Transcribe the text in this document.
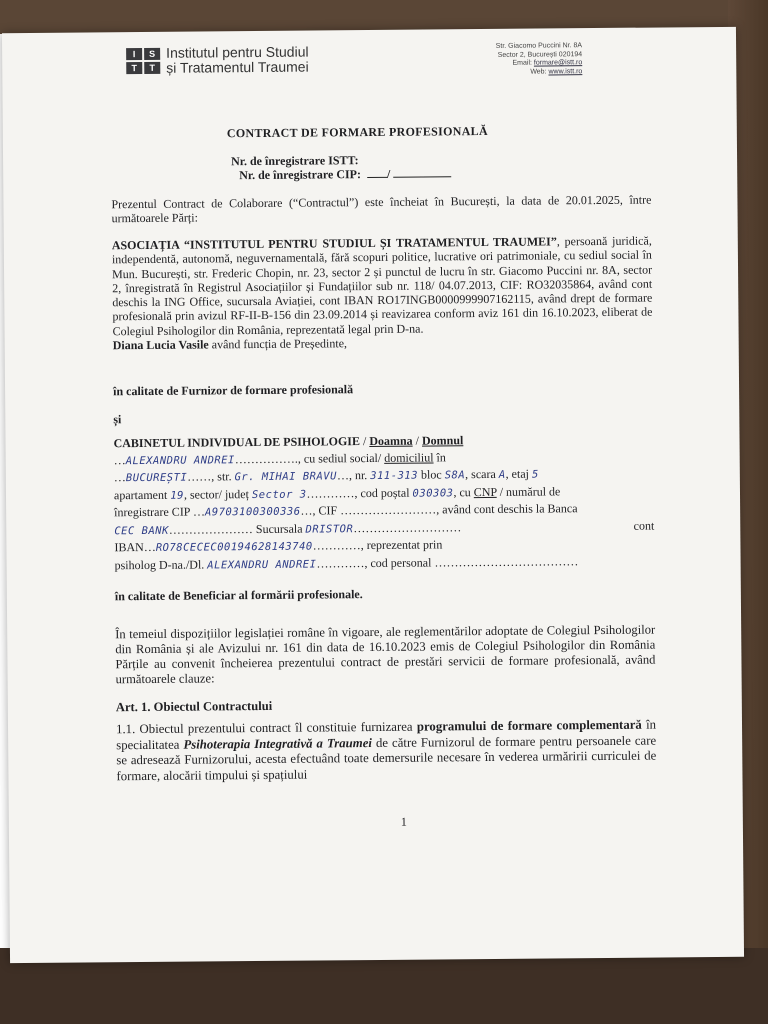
I	S
T	T
Institutul pentru Studiul
și Tratamentul Traumei
Str. Giacomo Puccini Nr. 8A
Sector 2, București 020194
Email: formare@istt.ro
Web: www.istt.ro
CONTRACT DE FORMARE PROFESIONALĂ
Nr. de înregistrare ISTT:
Nr. de înregistrare CIP: /
Prezentul Contract de Colaborare (“Contractul”) este încheiat în București, la data de 20.01.2025, între următoarele Părți:
ASOCIAȚIA “INSTITUTUL PENTRU STUDIUL ȘI TRATAMENTUL TRAUMEI”, persoană juridică, independentă, autonomă, neguvernamentală, fără scopuri politice, lucrative ori patrimoniale, cu sediul social în Mun. București, str. Frederic Chopin, nr. 23, sector 2 și punctul de lucru în str. Giacomo Puccini nr. 8A, sector 2, înregistrată în Registrul Asociațiilor și Fundațiilor sub nr. 118/ 04.07.2013, CIF: RO32035864, având cont deschis la ING Office, sucursala Aviației, cont IBAN RO17INGB0000999907162115, având drept de formare profesională prin avizul RF-II-B-156 din 23.09.2014 și reavizarea conform aviz 161 din 16.10.2023, eliberat de Colegiul Psihologilor din România, reprezentată legal prin D-na.
Diana Lucia Vasile având funcția de Președinte,
în calitate de Furnizor de formare profesională
și
CABINETUL INDIVIDUAL DE PSIHOLOGIE / Doamna / Domnul
…ALEXANDRU ANDREI……………., cu sediul social/ domiciliul în
…BUCUREȘTI……, str. Gr. MIHAI BRAVU…, nr. 311-313 bloc S8A, scara A, etaj 5
apartament 19, sector/ județ Sector 3…………, cod poștal 030303, cu CNP / numărul de
înregistrare CIP …A9703100300336…, CIF ……………………, având cont deschis la Banca
CEC BANK………………… Sucursala DRISTOR………………………	cont
IBAN…RO78CECEC00194628143740…………, reprezentat prin
psiholog D-na./Dl. ALEXANDRU ANDREI…………, cod personal ………………………………
în calitate de Beneficiar al formării profesionale.
În temeiul dispozițiilor legislației române în vigoare, ale reglementărilor adoptate de Colegiul Psihologilor din România și ale Avizului nr. 161 din data de 16.10.2023 emis de Colegiul Psihologilor din România Părțile au convenit încheierea prezentului contract de prestări servicii de formare profesională, având următoarele clauze:
Art. 1. Obiectul Contractului
1.1. Obiectul prezentului contract îl constituie furnizarea programului de formare complementară în specialitatea Psihoterapia Integrativă a Traumei de către Furnizorul de formare pentru persoanele care se adresează Furnizorului, acesta efectuând toate demersurile necesare în vederea urmăririi curriculei de formare, alocării timpului și spațiului
1
